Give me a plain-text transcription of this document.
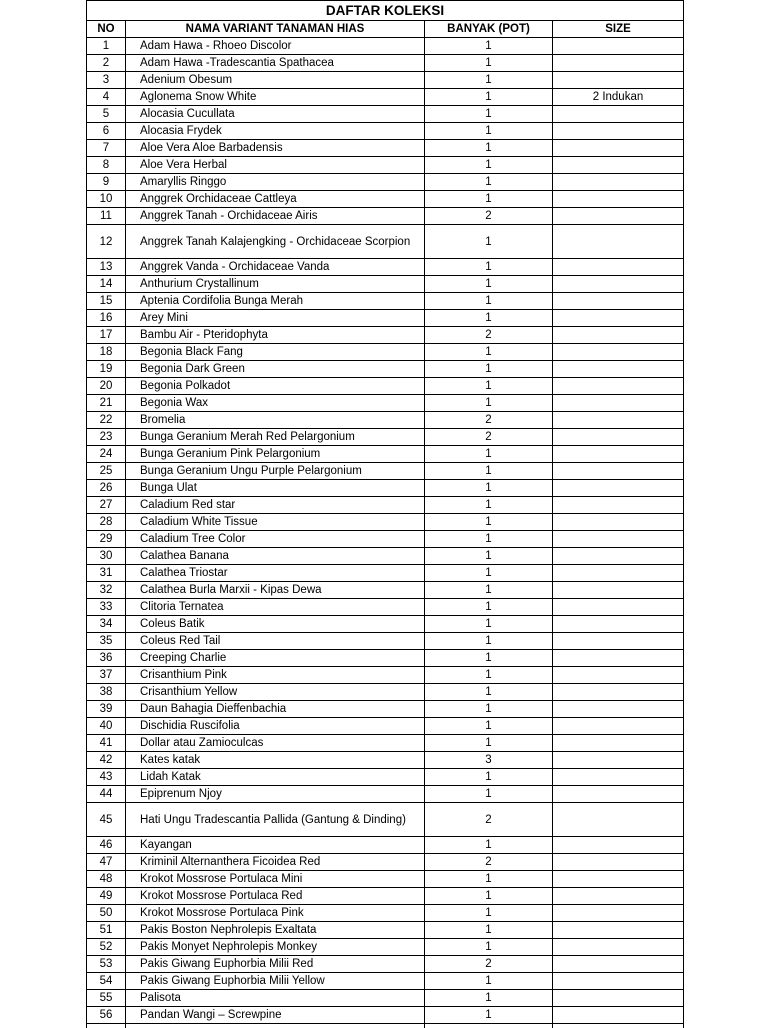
DAFTAR KOLEKSI			
NO	NAMA VARIANT TANAMAN HIAS	BANYAK (POT)	SIZE
1	Adam Hawa - Rhoeo Discolor	1	
2	Adam Hawa -Tradescantia Spathacea	1	
3	Adenium Obesum	1	
4	Aglonema Snow White	1	2 Indukan
5	Alocasia Cucullata	1	
6	Alocasia Frydek	1	
7	Aloe Vera Aloe Barbadensis	1	
8	Aloe Vera Herbal	1	
9	Amaryllis Ringgo	1	
10	Anggrek Orchidaceae Cattleya	1	
11	Anggrek Tanah - Orchidaceae Airis	2	
12	Anggrek Tanah Kalajengking - Orchidaceae Scorpion	1	
13	Anggrek Vanda - Orchidaceae Vanda	1	
14	Anthurium Crystallinum	1	
15	Aptenia Cordifolia Bunga Merah	1	
16	Arey Mini	1	
17	Bambu Air - Pteridophyta	2	
18	Begonia Black Fang	1	
19	Begonia Dark Green	1	
20	Begonia Polkadot	1	
21	Begonia Wax	1	
22	Bromelia	2	
23	Bunga Geranium Merah Red Pelargonium	2	
24	Bunga Geranium Pink Pelargonium	1	
25	Bunga Geranium Ungu Purple Pelargonium	1	
26	Bunga Ulat	1	
27	Caladium Red star	1	
28	Caladium White Tissue	1	
29	Caladium Tree Color	1	
30	Calathea Banana	1	
31	Calathea Triostar	1	
32	Calathea Burla Marxii - Kipas Dewa	1	
33	Clitoria Ternatea	1	
34	Coleus Batik	1	
35	Coleus Red Tail	1	
36	Creeping Charlie	1	
37	Crisanthium Pink	1	
38	Crisanthium Yellow	1	
39	Daun Bahagia Dieffenbachia	1	
40	Dischidia Ruscifolia	1	
41	Dollar atau Zamioculcas	1	
42	Kates katak	3	
43	Lidah Katak	1	
44	Epiprenum Njoy	1	
45	Hati Ungu Tradescantia Pallida (Gantung & Dinding)	2	
46	Kayangan	1	
47	Kriminil Alternanthera Ficoidea Red	2	
48	Krokot Mossrose Portulaca Mini	1	
49	Krokot Mossrose Portulaca Red	1	
50	Krokot Mossrose Portulaca Pink	1	
51	Pakis Boston Nephrolepis Exaltata	1	
52	Pakis Monyet Nephrolepis Monkey	1	
53	Pakis Giwang Euphorbia Milii Red	2	
54	Pakis Giwang Euphorbia Milii Yellow	1	
55	Palisota	1	
56	Pandan Wangi – Screwpine	1	
